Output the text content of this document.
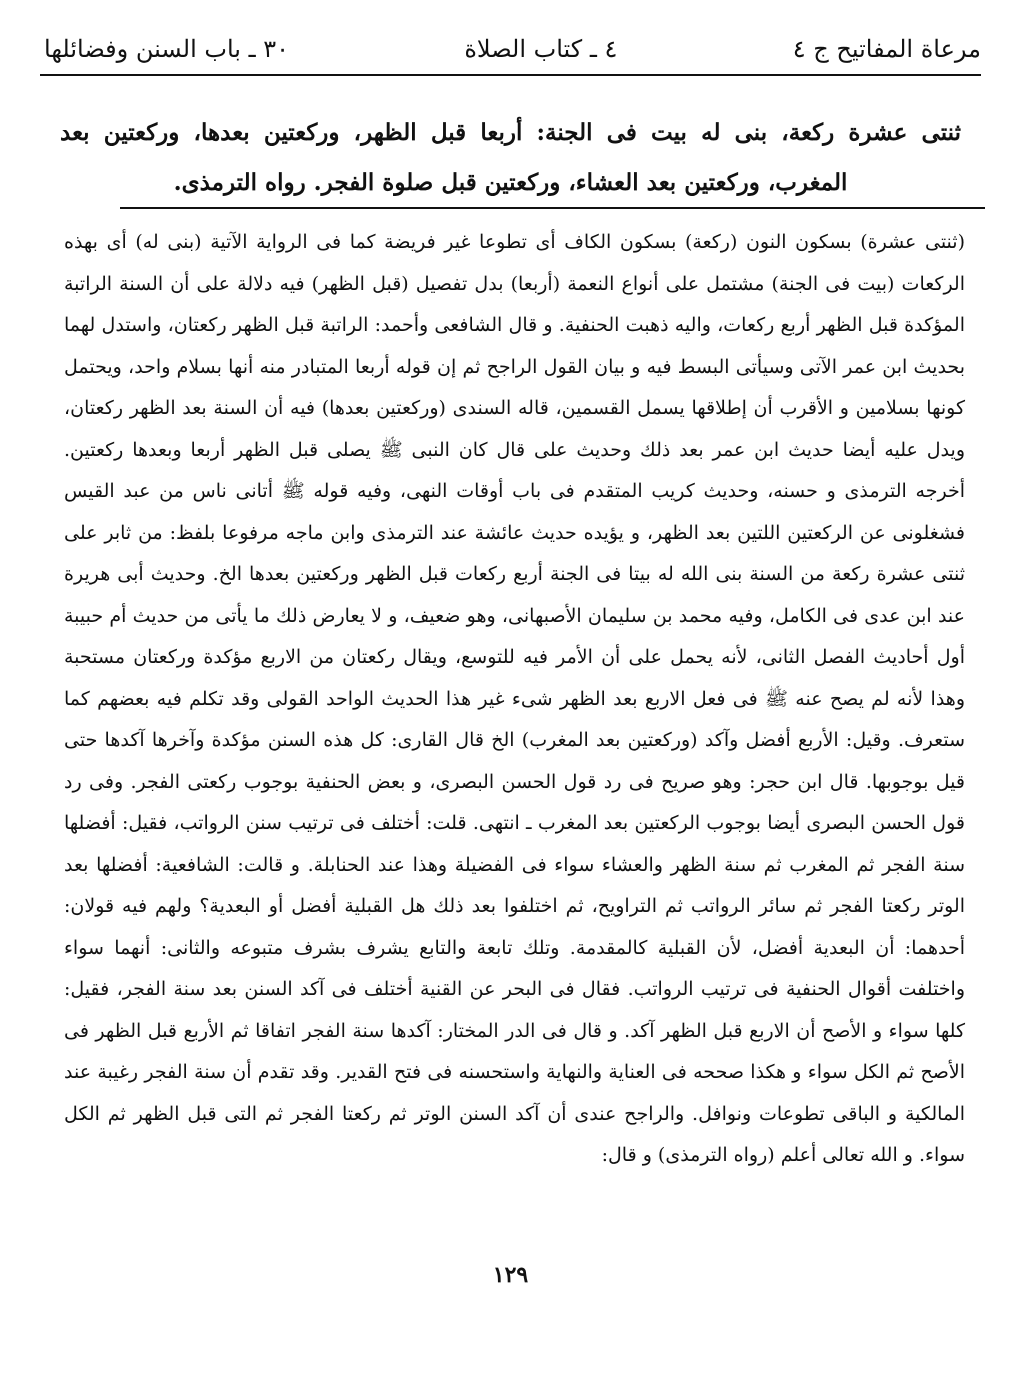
مرعاة المفاتيح ج ٤
٤ ـ كتاب الصلاة
٣٠ ـ باب السنن وفضائلها
ثنتى عشرة ركعة، بنى له بيت فى الجنة: أربعا قبل الظهر، وركعتين بعدها، وركعتين بعد المغرب، وركعتين بعد العشاء، وركعتين قبل صلوة الفجر. رواه الترمذى.

(ثنتى عشرة) بسكون النون (ركعة) بسكون الكاف أى تطوعا غير فريضة كما فى الرواية الآتية (بنى له) أى بهذه الركعات (بيت فى الجنة) مشتمل على أنواع النعمة (أربعا) بدل تفصيل (قبل الظهر) فيه دلالة على أن السنة الراتبة المؤكدة قبل الظهر أربع ركعات، واليه ذهبت الحنفية. و قال الشافعى وأحمد: الراتبة قبل الظهر ركعتان، واستدل لهما بحديث ابن عمر الآتى وسيأتى البسط فيه و بيان القول الراجح ثم إن قوله أربعا المتبادر منه أنها بسلام واحد، ويحتمل كونها بسلامين و الأقرب أن إطلاقها يسمل القسمين، قاله السندى (وركعتين بعدها) فيه أن السنة بعد الظهر ركعتان، ويدل عليه أيضا حديث ابن عمر بعد ذلك وحديث على قال كان النبى ﷺ يصلى قبل الظهر أربعا وبعدها ركعتين. أخرجه الترمذى و حسنه، وحديث كريب المتقدم فى باب أوقات النهى، وفيه قوله ﷺ أتانى ناس من عبد القيس فشغلونى عن الركعتين اللتين بعد الظهر، و يؤيده حديث عائشة عند الترمذى وابن ماجه مرفوعا بلفظ: من ثابر على ثنتى عشرة ركعة من السنة بنى الله له بيتا فى الجنة أربع ركعات قبل الظهر وركعتين بعدها الخ. وحديث أبى هريرة عند ابن عدى فى الكامل، وفيه محمد بن سليمان الأصبهانى، وهو ضعيف، و لا يعارض ذلك ما يأتى من حديث أم حبيبة أول أحاديث الفصل الثانى، لأنه يحمل على أن الأمر فيه للتوسع، ويقال ركعتان من الاربع مؤكدة وركعتان مستحبة وهذا لأنه لم يصح عنه ﷺ فى فعل الاربع بعد الظهر شىء غير هذا الحديث الواحد القولى وقد تكلم فيه بعضهم كما ستعرف. وقيل: الأربع أفضل وآكد (وركعتين بعد المغرب) الخ قال القارى: كل هذه السنن مؤكدة وآخرها آكدها حتى قيل بوجوبها. قال ابن حجر: وهو صريح فى رد قول الحسن البصرى، و بعض الحنفية بوجوب ركعتى الفجر. وفى رد قول الحسن البصرى أيضا بوجوب الركعتين بعد المغرب ـ انتهى. قلت: أختلف فى ترتيب سنن الرواتب، فقيل: أفضلها سنة الفجر ثم المغرب ثم سنة الظهر والعشاء سواء فى الفضيلة وهذا عند الحنابلة. و قالت: الشافعية: أفضلها بعد الوتر ركعتا الفجر ثم سائر الرواتب ثم التراويح، ثم اختلفوا بعد ذلك هل القبلية أفضل أو البعدية؟ ولهم فيه قولان: أحدهما: أن البعدية أفضل، لأن القبلية كالمقدمة. وتلك تابعة والتابع يشرف بشرف متبوعه والثانى: أنهما سواء واختلفت أقوال الحنفية فى ترتيب الرواتب. فقال فى البحر عن القنية أختلف فى آكد السنن بعد سنة الفجر، فقيل: كلها سواء و الأصح أن الاربع قبل الظهر آكد. و قال فى الدر المختار: آكدها سنة الفجر اتفاقا ثم الأربع قبل الظهر فى الأصح ثم الكل سواء و هكذا صححه فى العناية والنهاية واستحسنه فى فتح القدير. وقد تقدم أن سنة الفجر رغيبة عند المالكية و الباقى تطوعات ونوافل. والراجح عندى أن آكد السنن الوتر ثم ركعتا الفجر ثم التى قبل الظهر ثم الكل سواء. و الله تعالى أعلم (رواه الترمذى) و قال:

١٢٩
